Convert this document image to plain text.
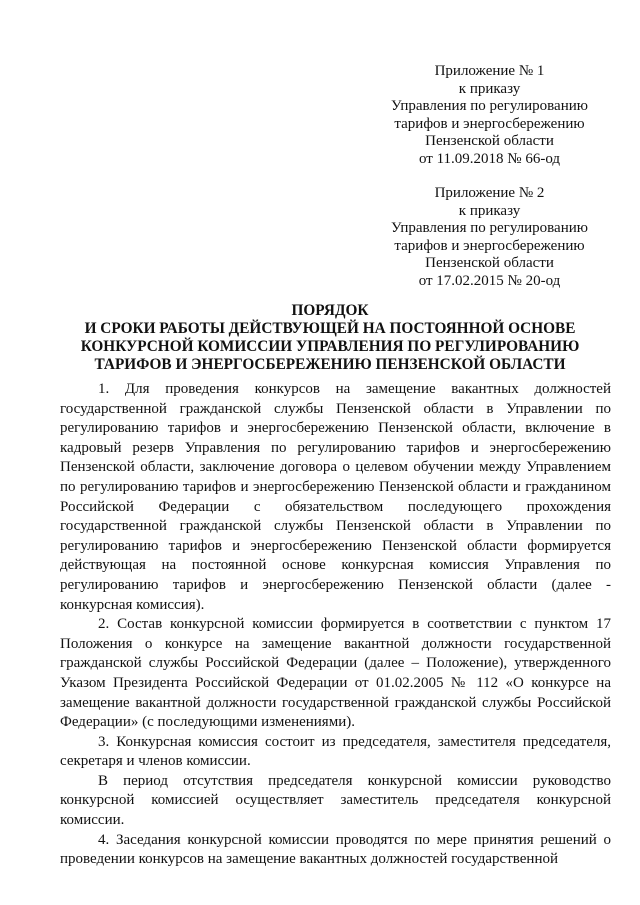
Приложение № 1
к приказу
Управления по регулированию
тарифов и энергосбережению
Пензенской области
от 11.09.2018 № 66-од
Приложение № 2
к приказу
Управления по регулированию
тарифов и энергосбережению
Пензенской области
от 17.02.2015 № 20-од
ПОРЯДОК
И СРОКИ РАБОТЫ ДЕЙСТВУЮЩЕЙ НА ПОСТОЯННОЙ ОСНОВЕ
КОНКУРСНОЙ КОМИССИИ УПРАВЛЕНИЯ ПО РЕГУЛИРОВАНИЮ
ТАРИФОВ И ЭНЕРГОСБЕРЕЖЕНИЮ ПЕНЗЕНСКОЙ ОБЛАСТИ

1. Для проведения конкурсов на замещение вакантных должностей государственной гражданской службы Пензенской области в Управлении по регулированию тарифов и энергосбережению Пензенской области, включение в кадровый резерв Управления по регулированию тарифов и энергосбережению Пензенской области, заключение договора о целевом обучении между Управлением по регулированию тарифов и энергосбережению Пензенской области и гражданином Российской Федерации с обязательством последующего прохождения государственной гражданской службы Пензенской области в Управлении по регулированию тарифов и энергосбережению Пензенской области формируется действующая на постоянной основе конкурсная комиссия Управления по регулированию тарифов и энергосбережению Пензенской области (далее - конкурсная комиссия).

2. Состав конкурсной комиссии формируется в соответствии с пунктом 17 Положения о конкурсе на замещение вакантной должности государственной гражданской службы Российской Федерации (далее – Положение), утвержденного Указом Президента Российской Федерации от 01.02.2005 № 112 «О конкурсе на замещение вакантной должности государственной гражданской службы Российской Федерации» (с последующими изменениями).

3. Конкурсная комиссия состоит из председателя, заместителя председателя, секретаря и членов комиссии.

В период отсутствия председателя конкурсной комиссии руководство конкурсной комиссией осуществляет заместитель председателя конкурсной комиссии.

4. Заседания конкурсной комиссии проводятся по мере принятия решений о проведении конкурсов на замещение вакантных должностей государственной
